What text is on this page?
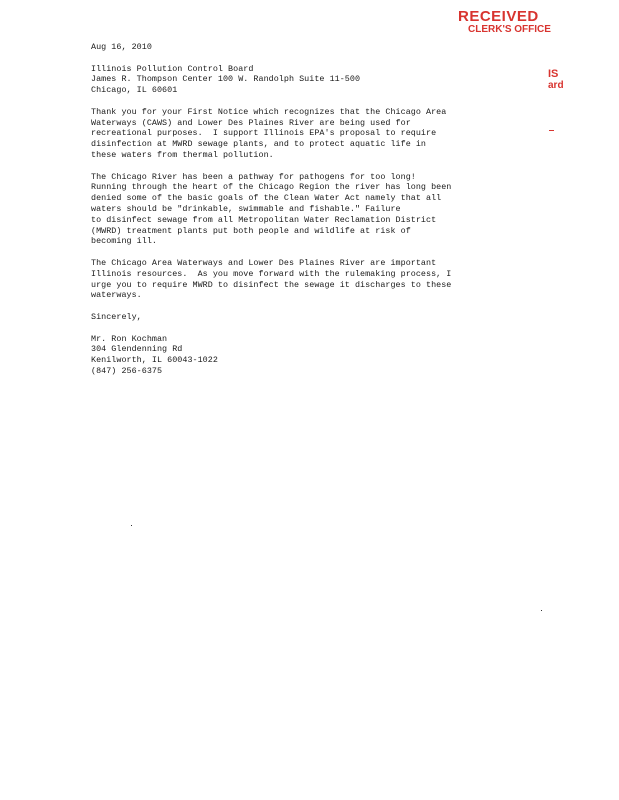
RECEIVED
CLERK'S OFFICE
IS
ard
Aug 16, 2010
Illinois Pollution Control Board
James R. Thompson Center 100 W. Randolph Suite 11-500
Chicago, IL 60601
Thank you for your First Notice which recognizes that the Chicago Area
Waterways (CAWS) and Lower Des Plaines River are being used for
recreational purposes.  I support Illinois EPA's proposal to require
disinfection at MWRD sewage plants, and to protect aquatic life in
these waters from thermal pollution.
The Chicago River has been a pathway for pathogens for too long!
Running through the heart of the Chicago Region the river has long been
denied some of the basic goals of the Clean Water Act namely that all
waters should be "drinkable, swimmable and fishable." Failure
to disinfect sewage from all Metropolitan Water Reclamation District
(MWRD) treatment plants put both people and wildlife at risk of
becoming ill.
The Chicago Area Waterways and Lower Des Plaines River are important
Illinois resources.  As you move forward with the rulemaking process, I
urge you to require MWRD to disinfect the sewage it discharges to these
waterways.
Sincerely,
Mr. Ron Kochman
304 Glendenning Rd
Kenilworth, IL 60043-1022
(847) 256-6375
